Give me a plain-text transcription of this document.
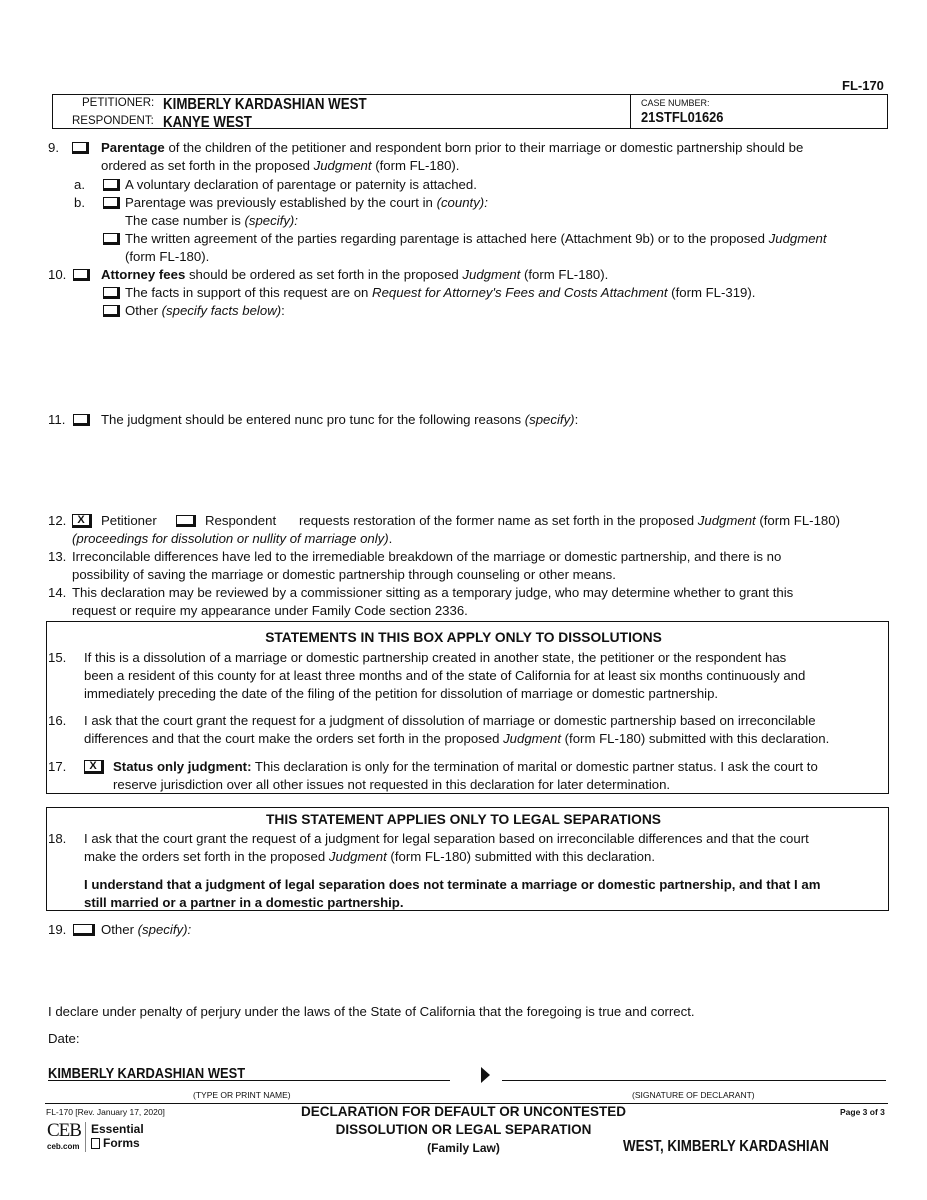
FL-170
PETITIONER: KIMBERLY KARDASHIAN WEST
RESPONDENT: KANYE WEST
CASE NUMBER:
21STFL01626
9.	Parentage of the children of the petitioner and respondent born prior to their marriage or domestic partnership should be
ordered as set forth in the proposed Judgment (form FL-180).
a.	A voluntary declaration of parentage or paternity is attached.
b.	Parentage was previously established by the court in (county):
The case number is (specify):
The written agreement of the parties regarding parentage is attached here (Attachment 9b) or to the proposed Judgment
(form FL-180).
10.	Attorney fees should be ordered as set forth in the proposed Judgment (form FL-180).
The facts in support of this request are on Request for Attorney's Fees and Costs Attachment (form FL-319).
Other (specify facts below):
11.	The judgment should be entered nunc pro tunc for the following reasons (specify):
12. X	Petitioner	Respondent requests restoration of the former name as set forth in the proposed Judgment (form FL-180)
(proceedings for dissolution or nullity of marriage only).
13. Irreconcilable differences have led to the irremediable breakdown of the marriage or domestic partnership, and there is no
possibility of saving the marriage or domestic partnership through counseling or other means.
14. This declaration may be reviewed by a commissioner sitting as a temporary judge, who may determine whether to grant this
request or require my appearance under Family Code section 2336.
STATEMENTS IN THIS BOX APPLY ONLY TO DISSOLUTIONS
15. If this is a dissolution of a marriage or domestic partnership created in another state, the petitioner or the respondent has
been a resident of this county for at least three months and of the state of California for at least six months continuously and
immediately preceding the date of the filing of the petition for dissolution of marriage or domestic partnership.
16. I ask that the court grant the request for a judgment of dissolution of marriage or domestic partnership based on irreconcilable
differences and that the court make the orders set forth in the proposed Judgment (form FL-180) submitted with this declaration.
17.	X	Status only judgment: This declaration is only for the termination of marital or domestic partner status. I ask the court to
reserve jurisdiction over all other issues not requested in this declaration for later determination.
THIS STATEMENT APPLIES ONLY TO LEGAL SEPARATIONS
18. I ask that the court grant the request of a judgment for legal separation based on irreconcilable differences and that the court
make the orders set forth in the proposed Judgment (form FL-180) submitted with this declaration.
I understand that a judgment of legal separation does not terminate a marriage or domestic partnership, and that I am
still married or a partner in a domestic partnership.
19.	Other (specify):
I declare under penalty of perjury under the laws of the State of California that the foregoing is true and correct.
Date:
KIMBERLY KARDASHIAN WEST
(TYPE OR PRINT NAME)	(SIGNATURE OF DECLARANT)
FL-170 [Rev. January 17, 2020]	DECLARATION FOR DEFAULT OR UNCONTESTED
DISSOLUTION OR LEGAL SEPARATION
(Family Law)
Page 3 of 3
CEB
ceb.com
Essential
Forms	WEST, KIMBERLY KARDASHIAN
